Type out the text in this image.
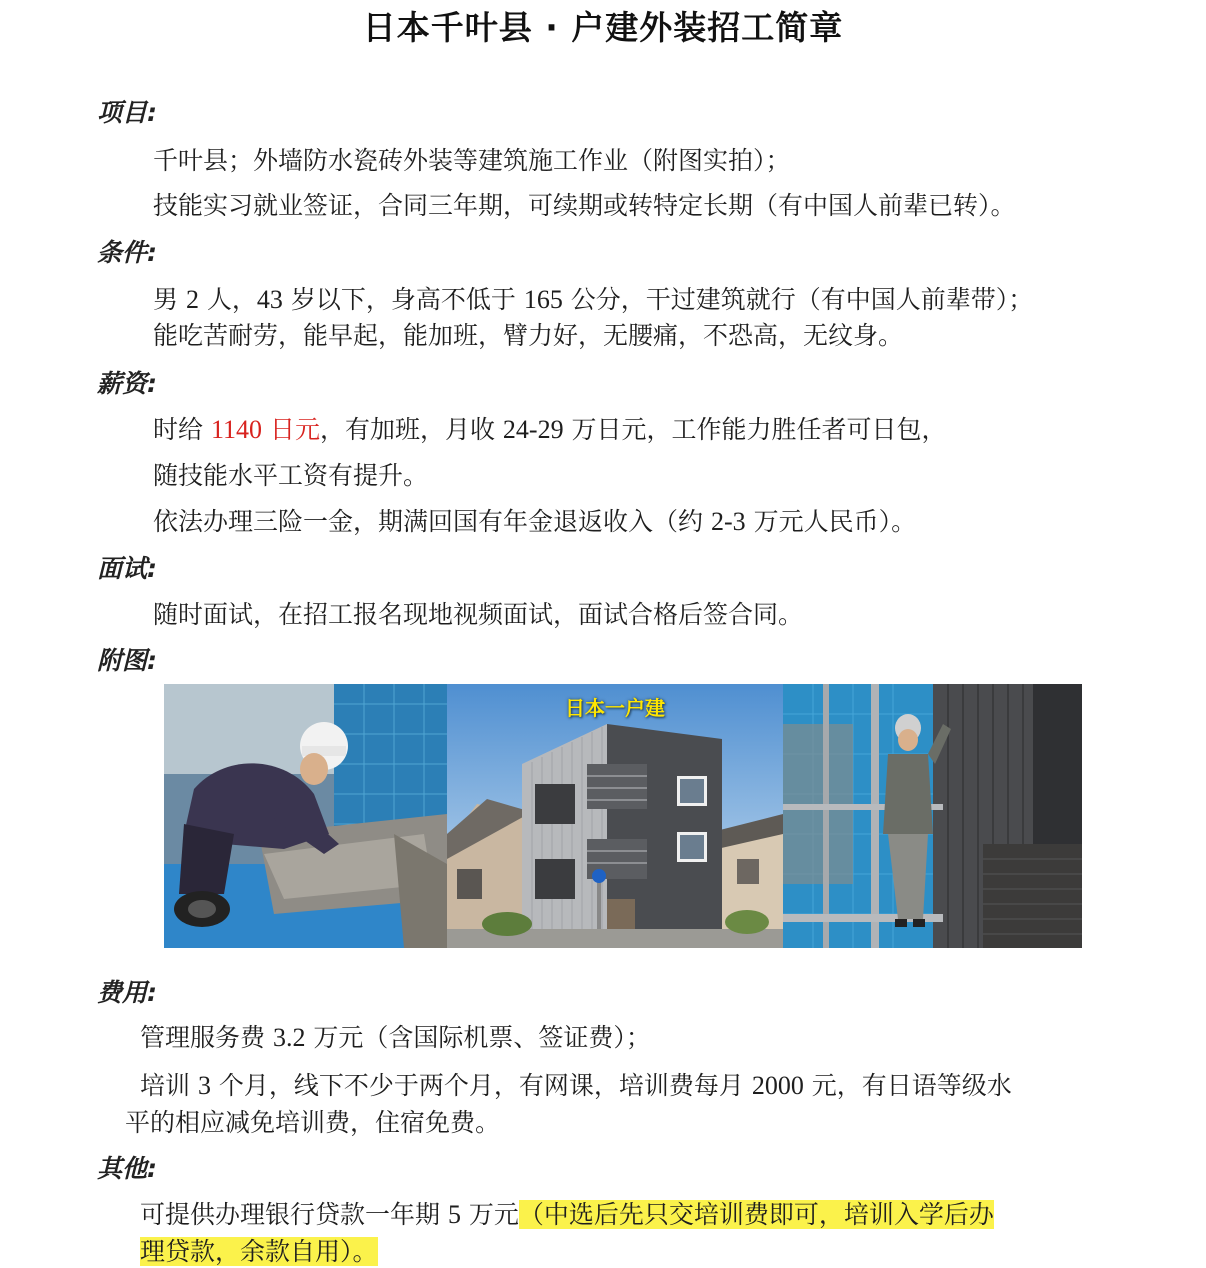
日本千叶县 · 户建外装招工简章
项目:
千叶县；外墙防水瓷砖外装等建筑施工作业（附图实拍）；
技能实习就业签证，合同三年期，可续期或转特定长期（有中国人前辈已转）。
条件:
男 2 人，43 岁以下，身高不低于 165 公分，干过建筑就行（有中国人前辈带）；
能吃苦耐劳，能早起，能加班，臂力好，无腰痛，不恐高，无纹身。
薪资:
时给 1140 日元，有加班，月收 24-29 万日元，工作能力胜任者可日包，
随技能水平工资有提升。
依法办理三险一金，期满回国有年金退返收入（约 2-3 万元人民币）。
面试:
随时面试，在招工报名现地视频面试，面试合格后签合同。
附图:
日本一户建
费用:
管理服务费 3.2 万元（含国际机票、签证费）；
培训 3 个月，线下不少于两个月，有网课，培训费每月 2000 元，有日语等级水
平的相应减免培训费，住宿免费。
其他:
可提供办理银行贷款一年期 5 万元（中选后先只交培训费即可，培训入学后办
理贷款，余款自用）。
